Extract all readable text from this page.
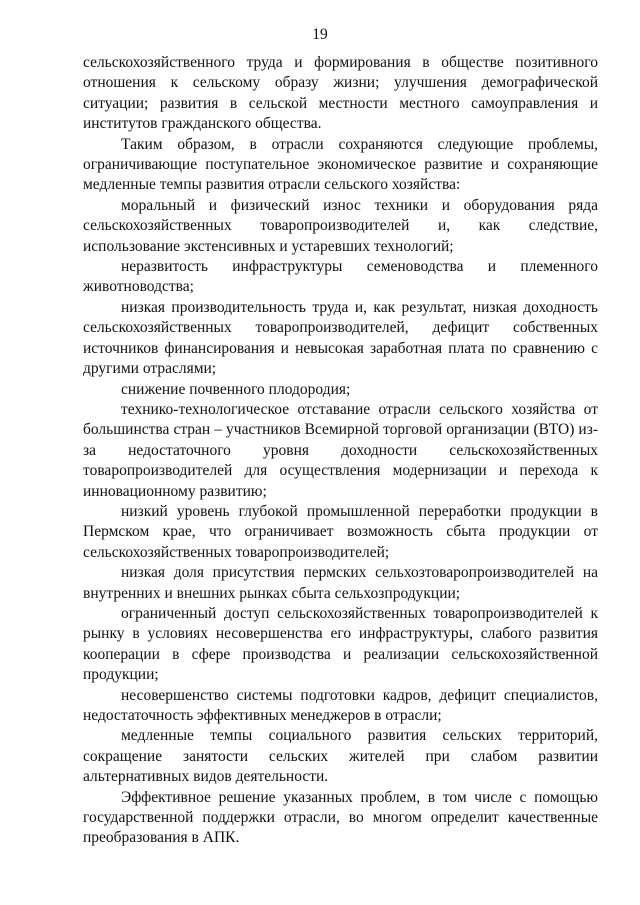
19

сельскохозяйственного труда и формирования в обществе позитивного отношения к сельскому образу жизни; улучшения демографической ситуации; развития в сельской местности местного самоуправления и институтов гражданского общества.

Таким образом, в отрасли сохраняются следующие проблемы, ограничивающие поступательное экономическое развитие и сохраняющие медленные темпы развития отрасли сельского хозяйства:

моральный и физический износ техники и оборудования ряда сельскохозяйственных товаропроизводителей и, как следствие, использование экстенсивных и устаревших технологий;

неразвитость инфраструктуры семеноводства и племенного животноводства;

низкая производительность труда и, как результат, низкая доходность сельскохозяйственных товаропроизводителей, дефицит собственных источников финансирования и невысокая заработная плата по сравнению с другими отраслями;

снижение почвенного плодородия;

технико-технологическое отставание отрасли сельского хозяйства от большинства стран – участников Всемирной торговой организации (ВТО) из-за недостаточного уровня доходности сельскохозяйственных товаропроизводителей для осуществления модернизации и перехода к инновационному развитию;

низкий уровень глубокой промышленной переработки продукции в Пермском крае, что ограничивает возможность сбыта продукции от сельскохозяйственных товаропроизводителей;

низкая доля присутствия пермских сельхозтоваропроизводителей на внутренних и внешних рынках сбыта сельхозпродукции;

ограниченный доступ сельскохозяйственных товаропроизводителей к рынку в условиях несовершенства его инфраструктуры, слабого развития кооперации в сфере производства и реализации сельскохозяйственной продукции;

несовершенство системы подготовки кадров, дефицит специалистов, недостаточность эффективных менеджеров в отрасли;

медленные темпы социального развития сельских территорий, сокращение занятости сельских жителей при слабом развитии альтернативных видов деятельности.

Эффективное решение указанных проблем, в том числе с помощью государственной поддержки отрасли, во многом определит качественные преобразования в АПК.
